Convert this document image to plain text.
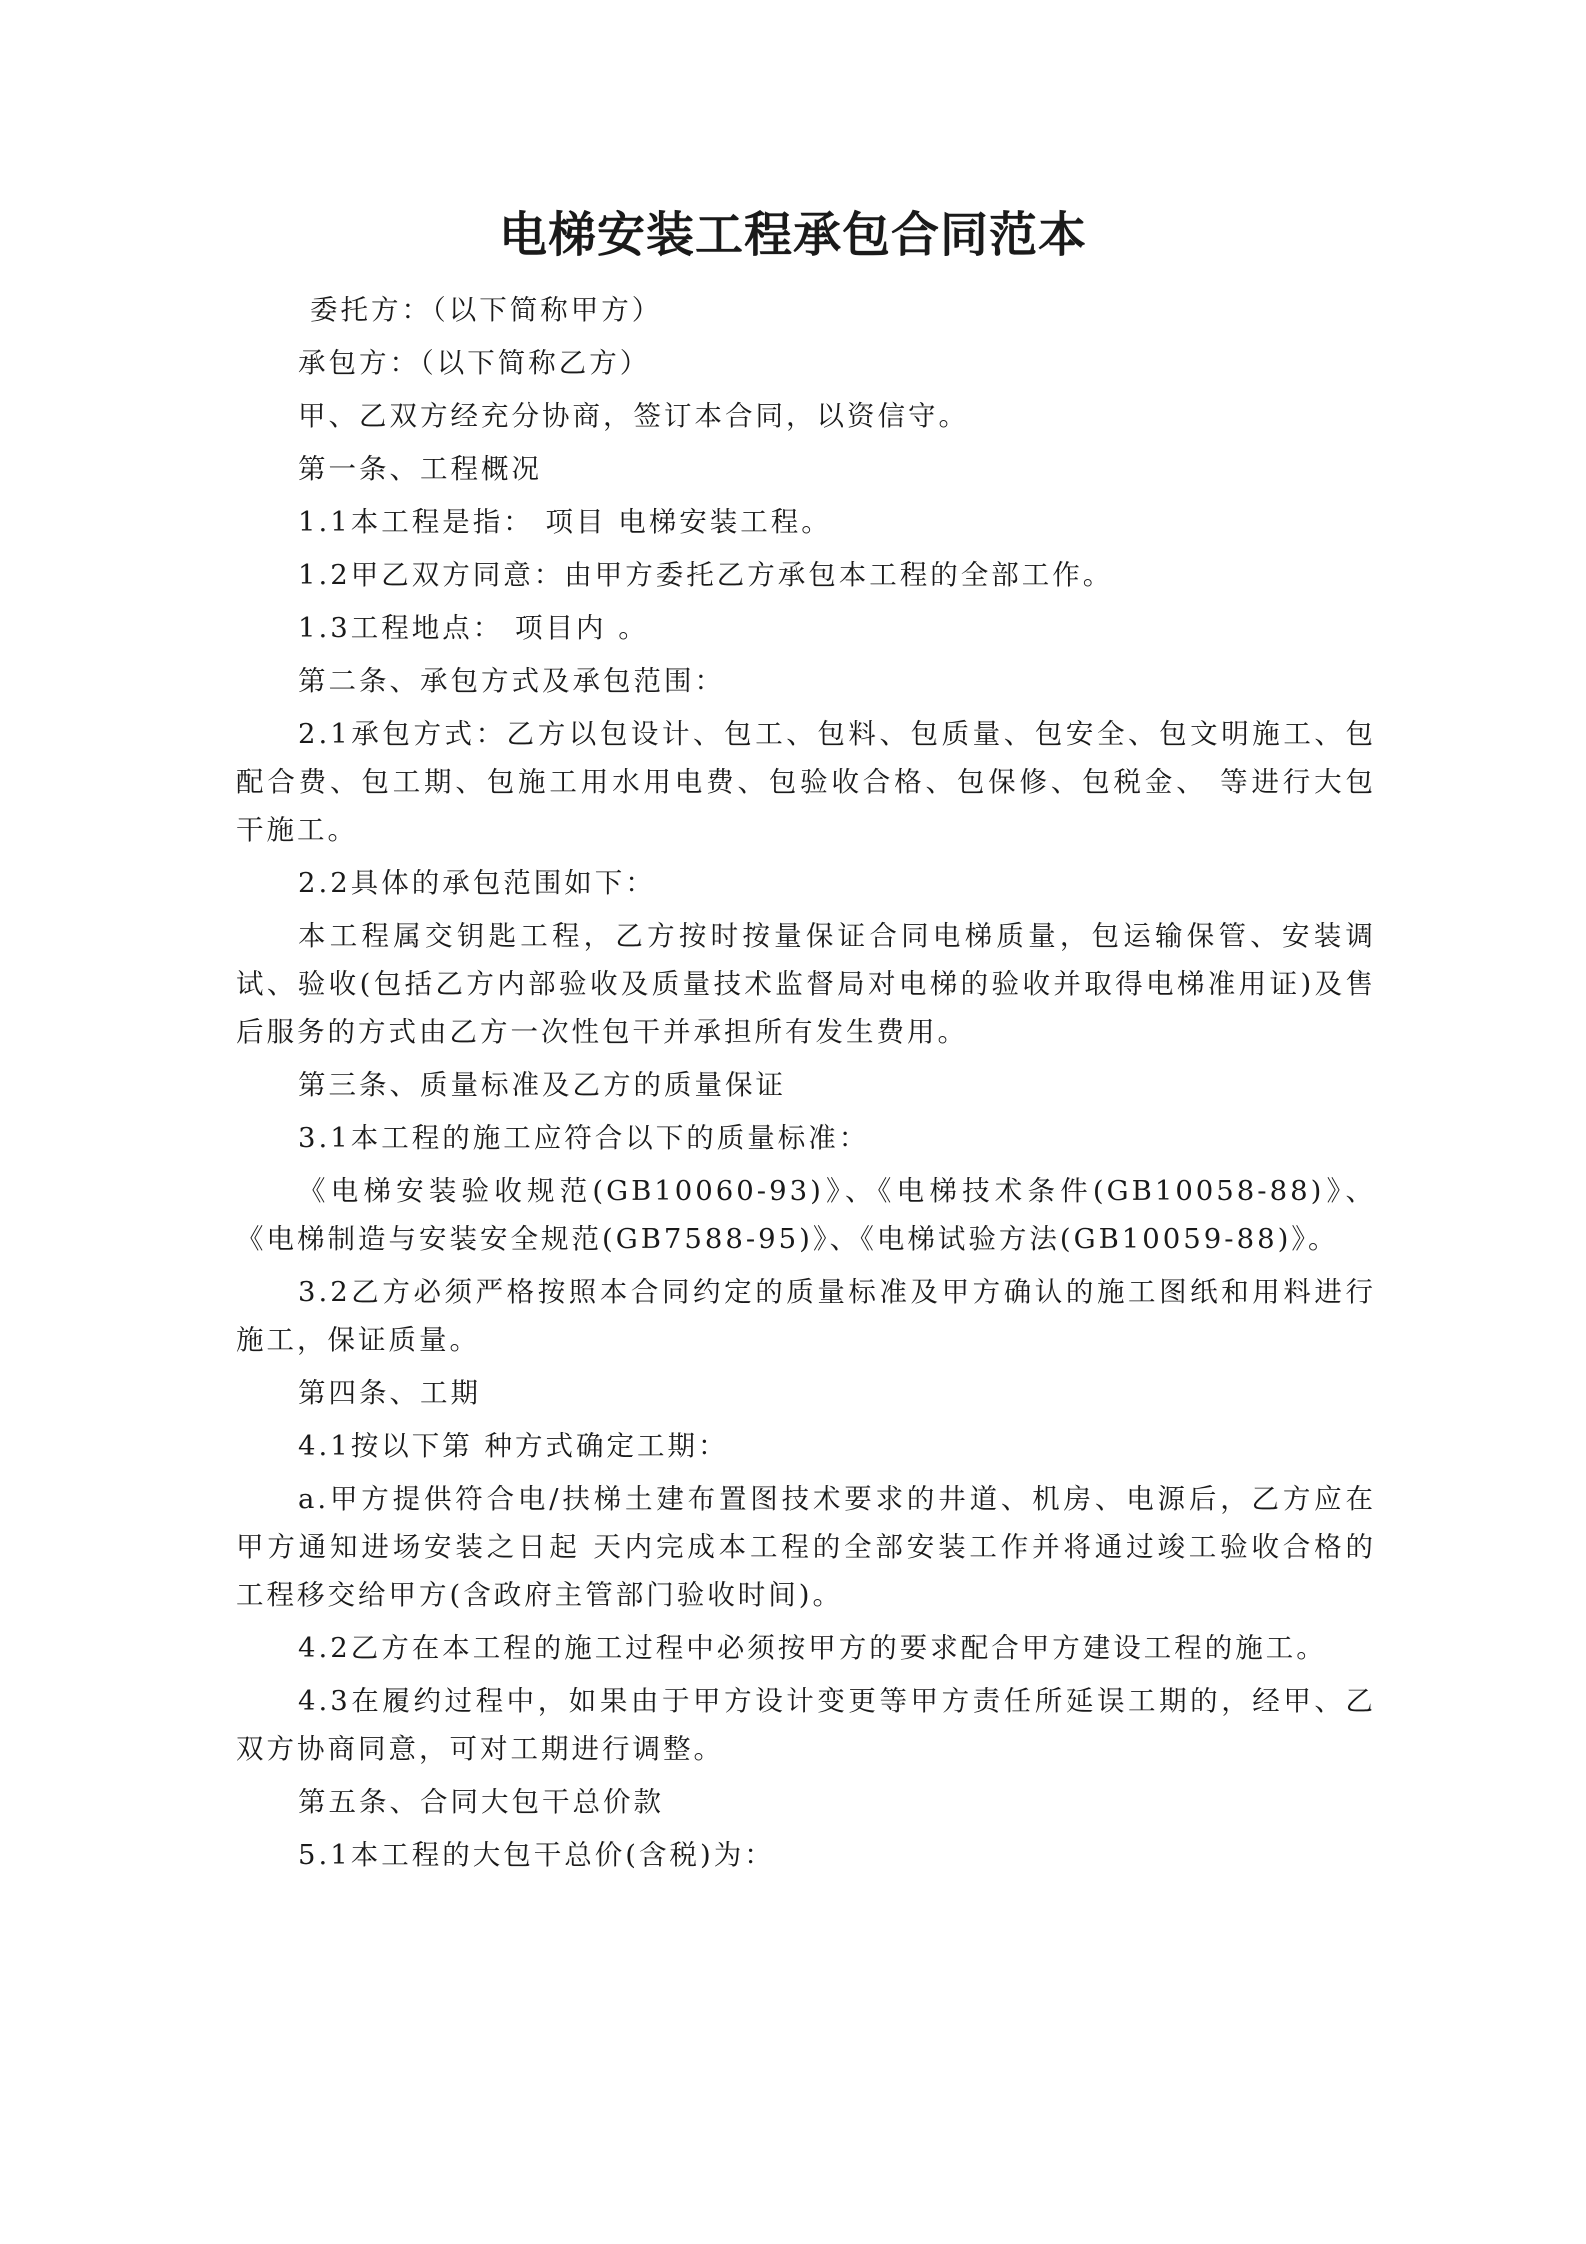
电梯安装工程承包合同范本

委托方：（以下简称甲方）

承包方：（以下简称乙方）

甲、乙双方经充分协商，签订本合同，以资信守。

第一条、工程概况

1.1本工程是指： 项目 电梯安装工程。

1.2甲乙双方同意：由甲方委托乙方承包本工程的全部工作。

1.3工程地点： 项目内 。

第二条、承包方式及承包范围：

2.1承包方式：乙方以包设计、包工、包料、包质量、包安全、包文明施工、包配合费、包工期、包施工用水用电费、包验收合格、包保修、包税金、 等进行大包干施工。

2.2具体的承包范围如下：

本工程属交钥匙工程，乙方按时按量保证合同电梯质量，包运输保管、安装调试、验收(包括乙方内部验收及质量技术监督局对电梯的验收并取得电梯准用证)及售后服务的方式由乙方一次性包干并承担所有发生费用。

第三条、质量标准及乙方的质量保证

3.1本工程的施工应符合以下的质量标准：

《电梯安装验收规范(GB10060-93)》、《电梯技术条件(GB10058-88)》、《电梯制造与安装安全规范(GB7588-95)》、《电梯试验方法(GB10059-88)》。

3.2乙方必须严格按照本合同约定的质量标准及甲方确认的施工图纸和用料进行施工，保证质量。

第四条、工期

4.1按以下第 种方式确定工期：

a.甲方提供符合电/扶梯土建布置图技术要求的井道、机房、电源后，乙方应在甲方通知进场安装之日起 天内完成本工程的全部安装工作并将通过竣工验收合格的工程移交给甲方(含政府主管部门验收时间)。

4.2乙方在本工程的施工过程中必须按甲方的要求配合甲方建设工程的施工。

4.3在履约过程中，如果由于甲方设计变更等甲方责任所延误工期的，经甲、乙双方协商同意，可对工期进行调整。

第五条、合同大包干总价款

5.1本工程的大包干总价(含税)为：
